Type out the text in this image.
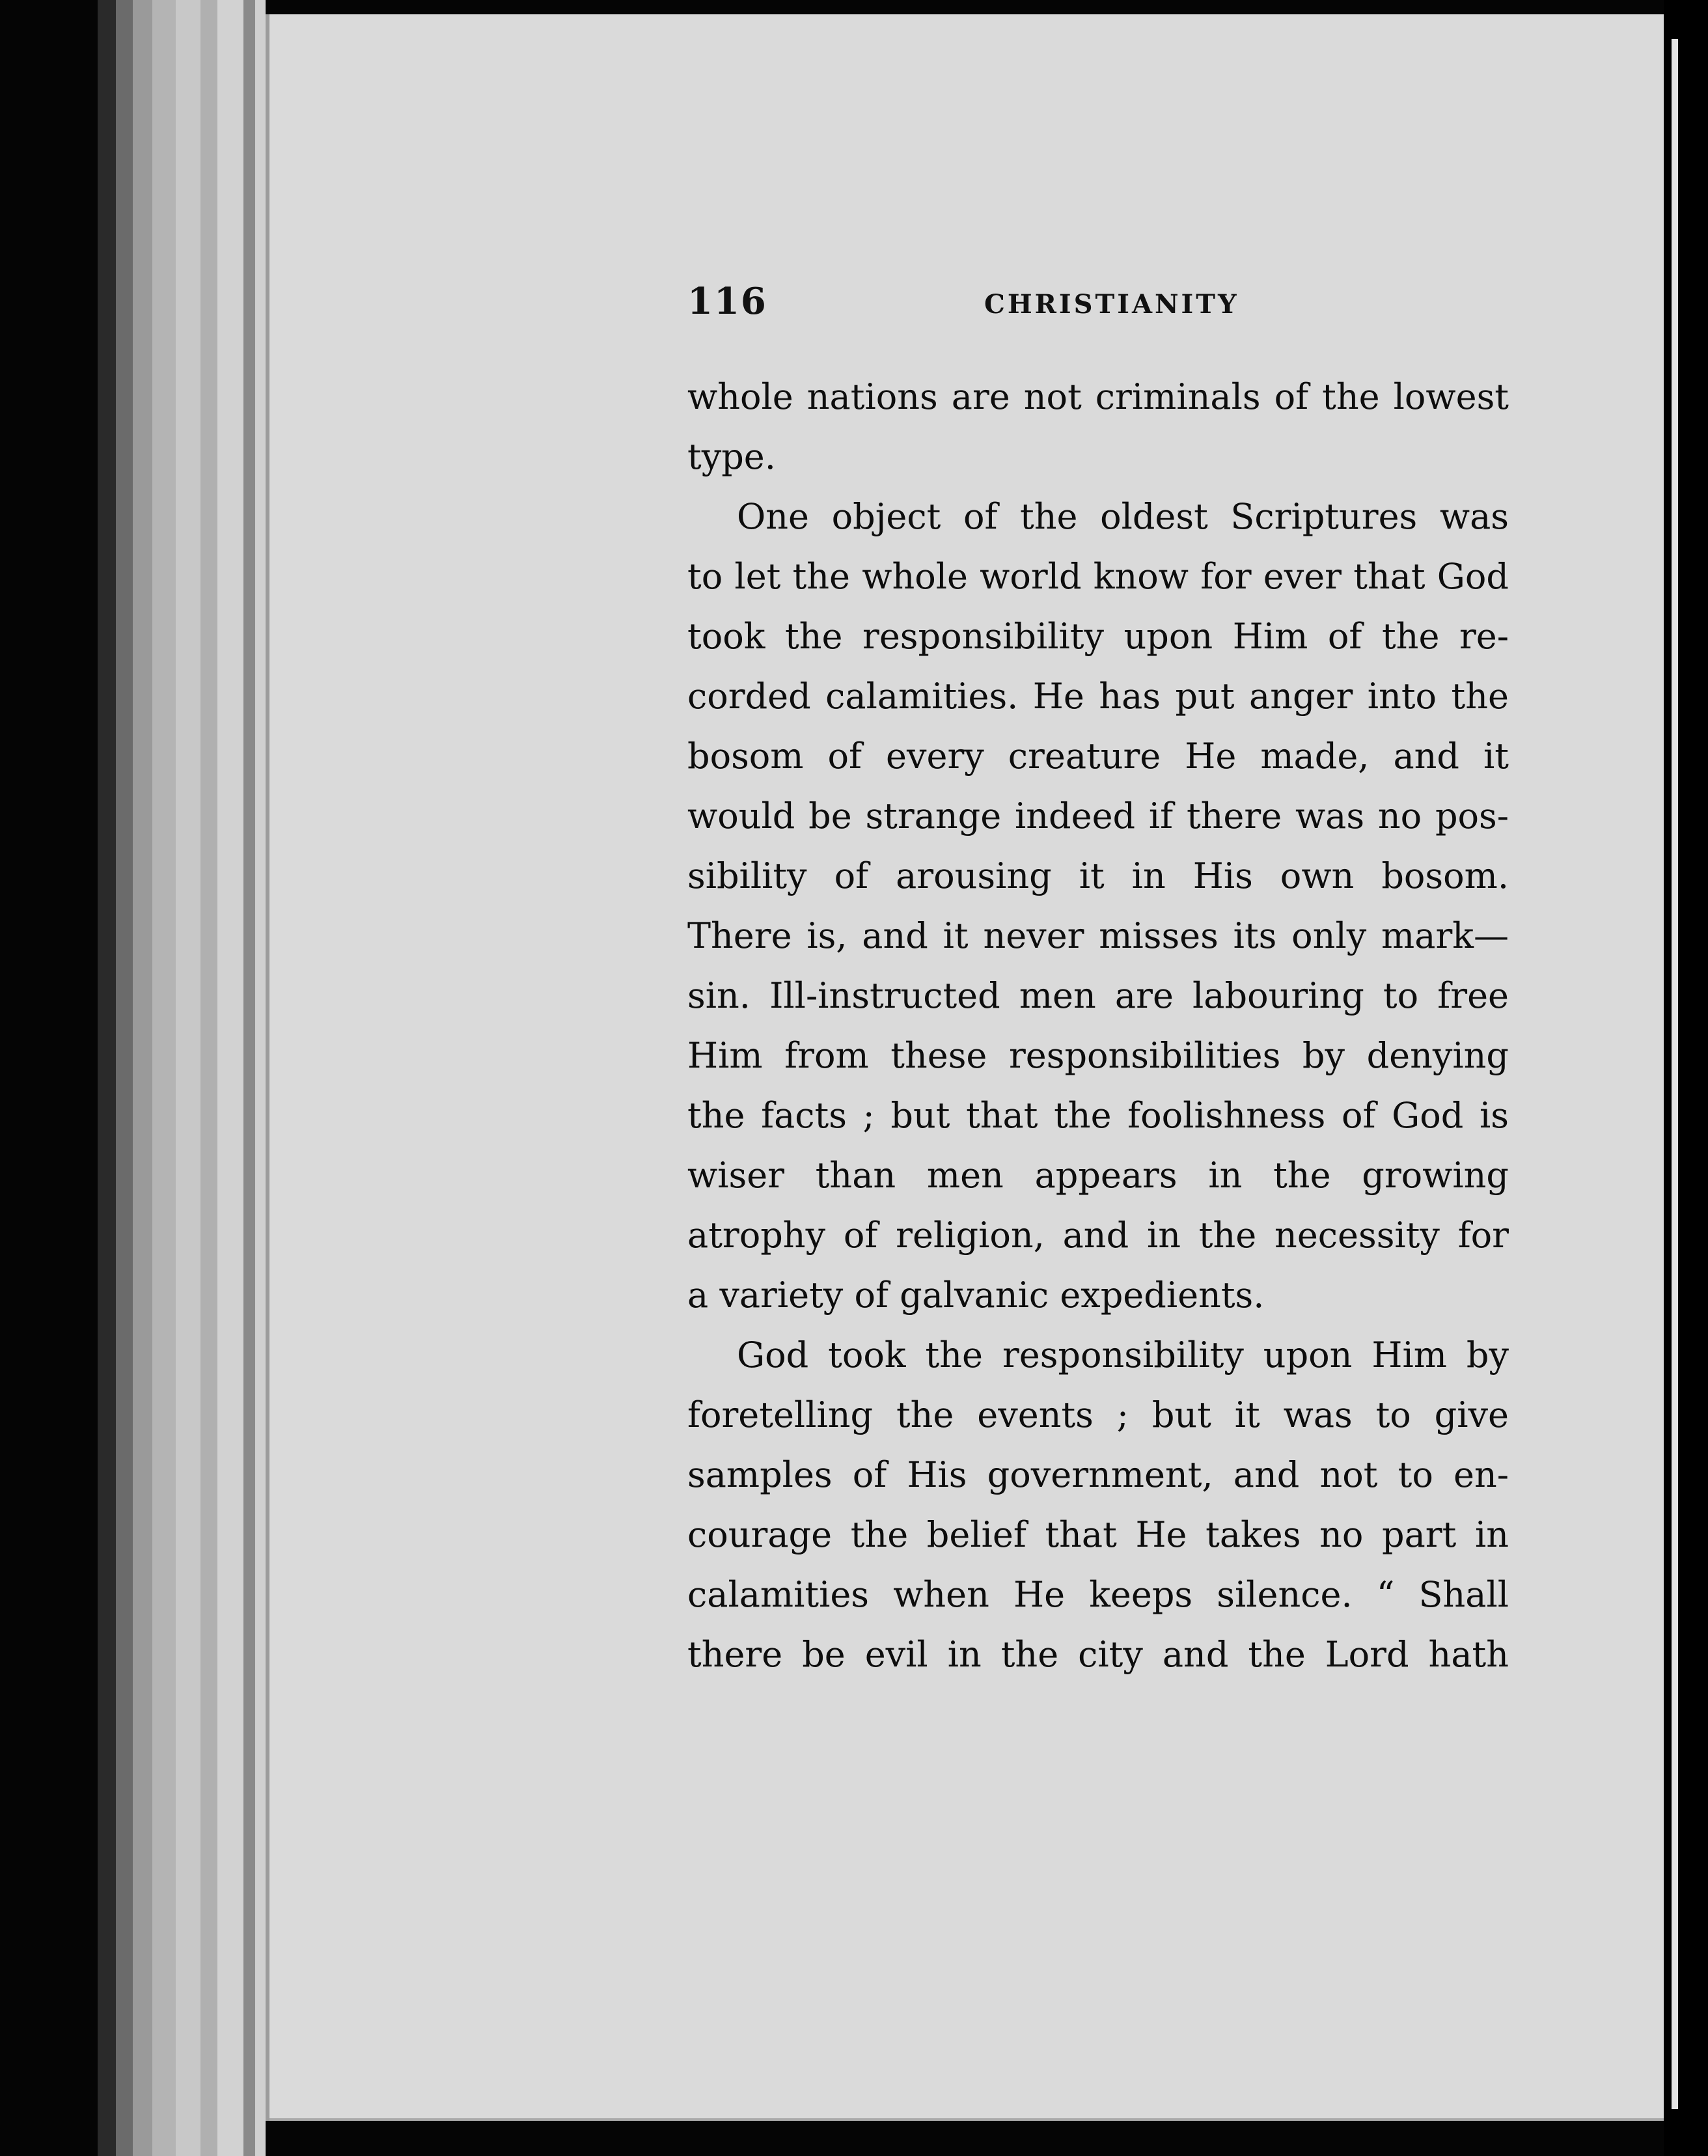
116	CHRISTIANITY
whole nations are not criminals of the lowest
type.
One object of the oldest Scriptures was
to let the whole world know for ever that God
took the responsibility upon Him of the re-
corded calamities. He has put anger into the
bosom of every creature He made, and it
would be strange indeed if there was no pos-
sibility of arousing it in His own bosom.
There is, and it never misses its only mark—
sin. Ill-instructed men are labouring to free
Him from these responsibilities by denying
the facts ; but that the foolishness of God is
wiser than men appears in the growing
atrophy of religion, and in the necessity for
a variety of galvanic expedients.
God took the responsibility upon Him by
foretelling the events ; but it was to give
samples of His government, and not to en-
courage the belief that He takes no part in
calamities when He keeps silence. “ Shall
there be evil in the city and the Lord hath
